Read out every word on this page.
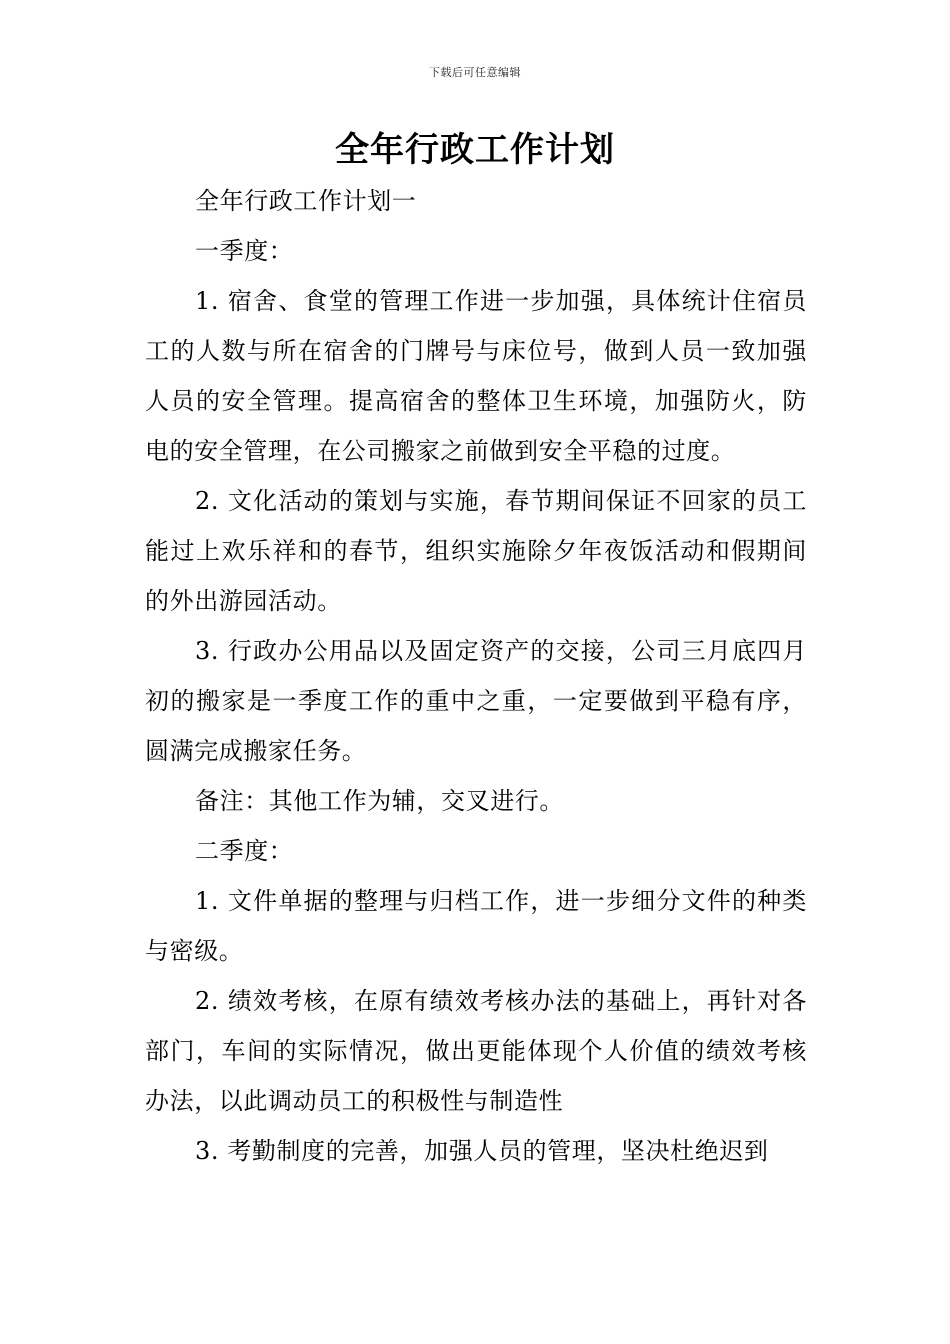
下载后可任意编辑
全年行政工作计划

全年行政工作计划一

一季度：

1. 宿舍、食堂的管理工作进一步加强，具体统计住宿员工的人数与所在宿舍的门牌号与床位号，做到人员一致加强人员的安全管理。提高宿舍的整体卫生环境，加强防火，防电的安全管理，在公司搬家之前做到安全平稳的过度。

2. 文化活动的策划与实施，春节期间保证不回家的员工能过上欢乐祥和的春节，组织实施除夕年夜饭活动和假期间的外出游园活动。

3. 行政办公用品以及固定资产的交接，公司三月底四月初的搬家是一季度工作的重中之重，一定要做到平稳有序，圆满完成搬家任务。

备注：其他工作为辅，交叉进行。

二季度：

1. 文件单据的整理与归档工作，进一步细分文件的种类与密级。

2. 绩效考核，在原有绩效考核办法的基础上，再针对各部门，车间的实际情况，做出更能体现个人价值的绩效考核办法，以此调动员工的积极性与制造性

3. 考勤制度的完善，加强人员的管理，坚决杜绝迟到
